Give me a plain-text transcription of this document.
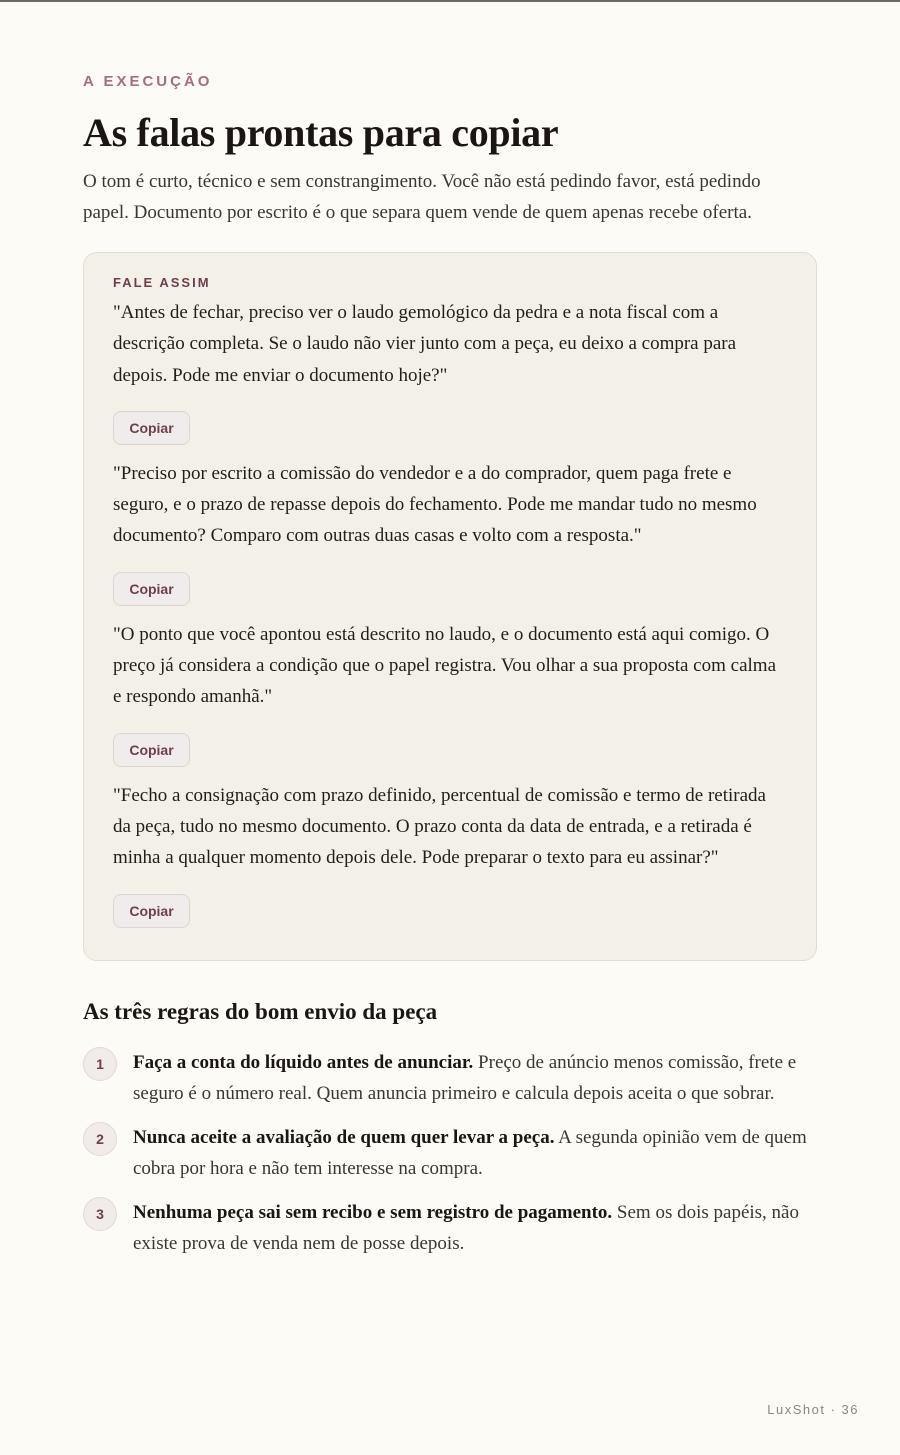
A EXECUÇÃO
As falas prontas para copiar

O tom é curto, técnico e sem constrangimento. Você não está pedindo favor, está pedindo papel. Documento por escrito é o que separa quem vende de quem apenas recebe oferta.

FALE ASSIM

"Antes de fechar, preciso ver o laudo gemológico da pedra e a nota fiscal com a descrição completa. Se o laudo não vier junto com a peça, eu deixo a compra para depois. Pode me enviar o documento hoje?"

Copiar

"Preciso por escrito a comissão do vendedor e a do comprador, quem paga frete e seguro, e o prazo de repasse depois do fechamento. Pode me mandar tudo no mesmo documento? Comparo com outras duas casas e volto com a resposta."

Copiar

"O ponto que você apontou está descrito no laudo, e o documento está aqui comigo. O preço já considera a condição que o papel registra. Vou olhar a sua proposta com calma e respondo amanhã."

Copiar

"Fecho a consignação com prazo definido, percentual de comissão e termo de retirada da peça, tudo no mesmo documento. O prazo conta da data de entrada, e a retirada é minha a qualquer momento depois dele. Pode preparar o texto para eu assinar?"

Copiar
As três regras do bom envio da peça
1	Faça a conta do líquido antes de anunciar. Preço de anúncio menos comissão, frete e seguro é o número real. Quem anuncia primeiro e calcula depois aceita o que sobrar.

2	Nunca aceite a avaliação de quem quer levar a peça. A segunda opinião vem de quem cobra por hora e não tem interesse na compra.

3	Nenhuma peça sai sem recibo e sem registro de pagamento. Sem os dois papéis, não existe prova de venda nem de posse depois.

LuxShot · 36
